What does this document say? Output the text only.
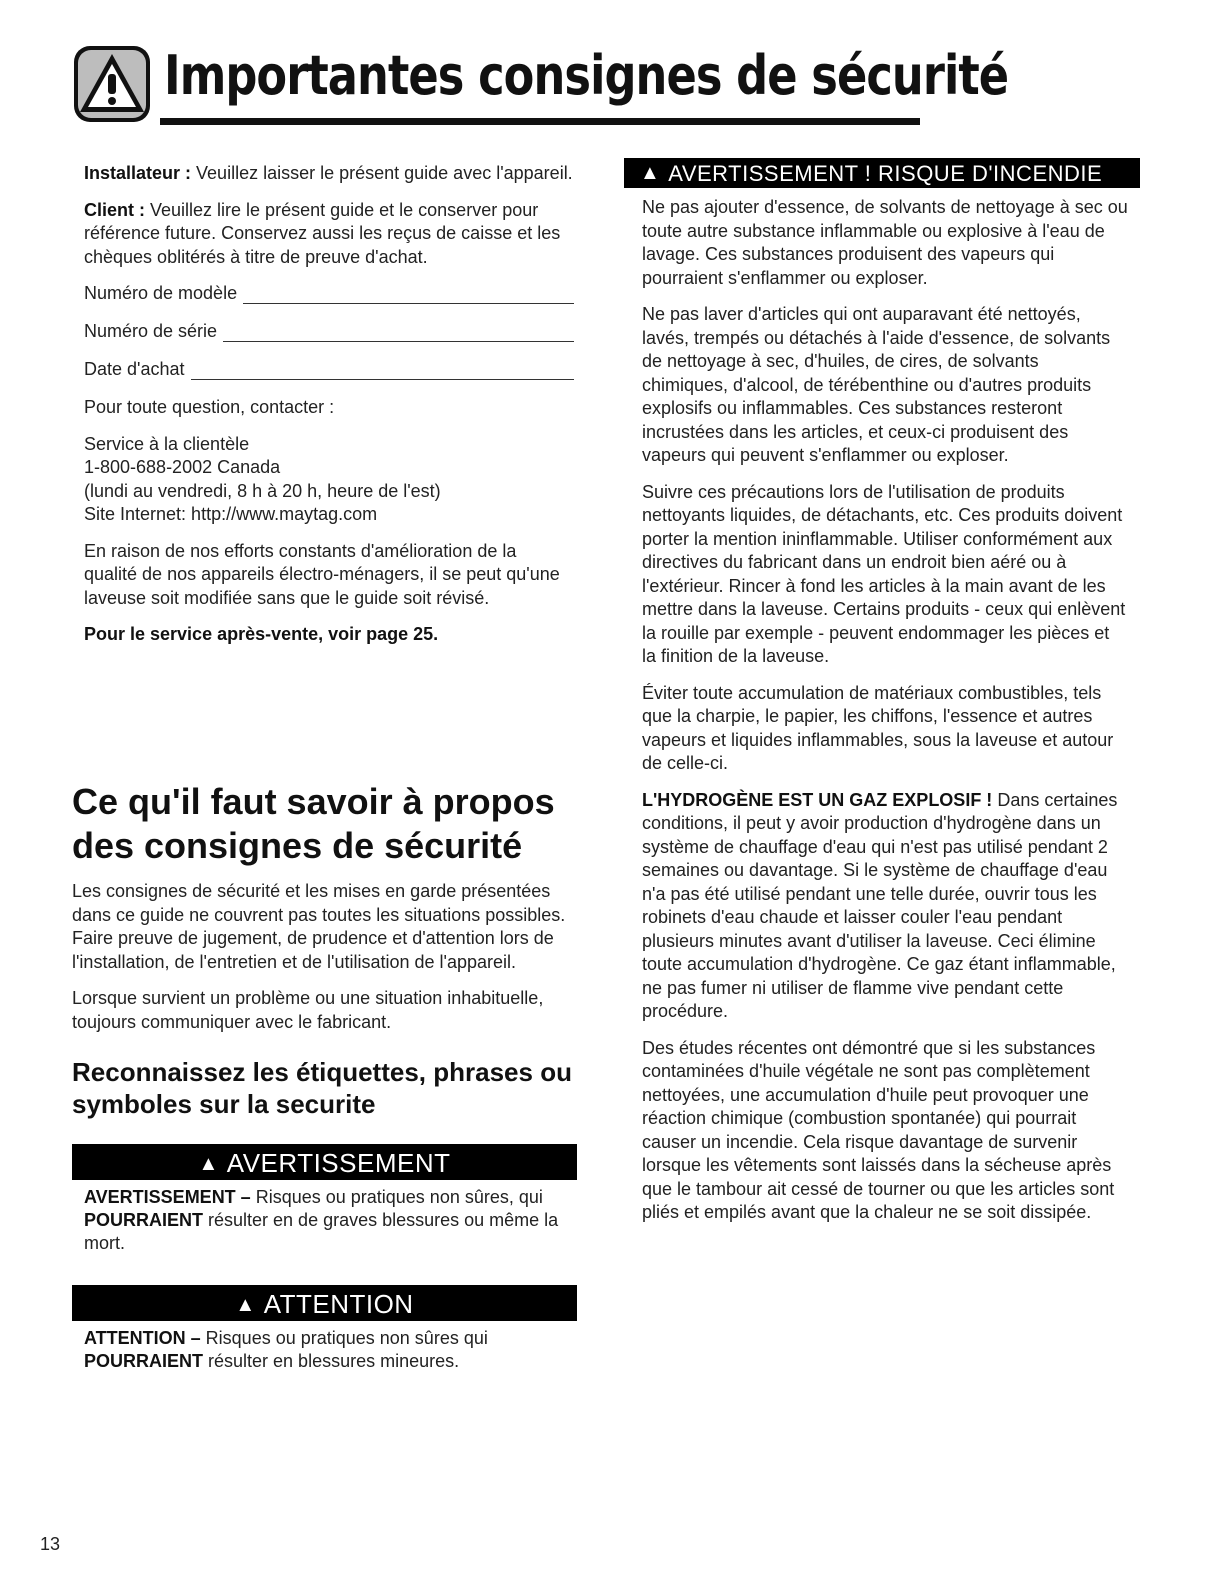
Importantes consignes de sécurité

Installateur : Veuillez laisser le présent guide avec l'appareil.

Client : Veuillez lire le présent guide et le conserver pour référence future. Conservez aussi les reçus de caisse et les chèques oblitérés à titre de preuve d'achat.

Numéro de modèle
Numéro de série
Date d'achat

Pour toute question, contacter :

Service à la clientèle
1-800-688-2002 Canada
(lundi au vendredi, 8 h à 20 h, heure de l'est)
Site Internet: http://www.maytag.com

En raison de nos efforts constants d'amélioration de la qualité de nos appareils électro-ménagers, il se peut qu'une laveuse soit modifiée sans que le guide soit révisé.

Pour le service après-vente, voir page 25.

Ce qu'il faut savoir à propos des consignes de sécurité

Les consignes de sécurité et les mises en garde présentées dans ce guide ne couvrent pas toutes les situations possibles. Faire preuve de jugement, de prudence et d'attention lors de l'installation, de l'entretien et de l'utilisation de l'appareil.

Lorsque survient un problème ou une situation inhabituelle, toujours communiquer avec le fabricant.

Reconnaissez les étiquettes, phrases ou symboles sur la securite
▲ AVERTISSEMENT

AVERTISSEMENT – Risques ou pratiques non sûres, qui POURRAIENT résulter en de graves blessures ou même la mort.

▲ ATTENTION

ATTENTION – Risques ou pratiques non sûres qui POURRAIENT résulter en blessures mineures.

▲ AVERTISSEMENT ! RISQUE D'INCENDIE

Ne pas ajouter d'essence, de solvants de nettoyage à sec ou toute autre substance inflammable ou explosive à l'eau de lavage. Ces substances produisent des vapeurs qui pourraient s'enflammer ou exploser.

Ne pas laver d'articles qui ont auparavant été nettoyés, lavés, trempés ou détachés à l'aide d'essence, de solvants de nettoyage à sec, d'huiles, de cires, de solvants chimiques, d'alcool, de térébenthine ou d'autres produits explosifs ou inflammables. Ces substances resteront incrustées dans les articles, et ceux-ci produisent des vapeurs qui peuvent s'enflammer ou exploser.

Suivre ces précautions lors de l'utilisation de produits nettoyants liquides, de détachants, etc. Ces produits doivent porter la mention ininflammable. Utiliser conformément aux directives du fabricant dans un endroit bien aéré ou à l'extérieur. Rincer à fond les articles à la main avant de les mettre dans la laveuse. Certains produits - ceux qui enlèvent la rouille par exemple - peuvent endommager les pièces et la finition de la laveuse.

Éviter toute accumulation de matériaux combustibles, tels que la charpie, le papier, les chiffons, l'essence et autres vapeurs et liquides inflammables, sous la laveuse et autour de celle-ci.

L'HYDROGÈNE EST UN GAZ EXPLOSIF ! Dans certaines conditions, il peut y avoir production d'hydrogène dans un système de chauffage d'eau qui n'est pas utilisé pendant 2 semaines ou davantage. Si le système de chauffage d'eau n'a pas été utilisé pendant une telle durée, ouvrir tous les robinets d'eau chaude et laisser couler l'eau pendant plusieurs minutes avant d'utiliser la laveuse. Ceci élimine toute accumulation d'hydrogène. Ce gaz étant inflammable, ne pas fumer ni utiliser de flamme vive pendant cette procédure.

Des études récentes ont démontré que si les substances contaminées d'huile végétale ne sont pas complètement nettoyées, une accumulation d'huile peut provoquer une réaction chimique (combustion spontanée) qui pourrait causer un incendie. Cela risque davantage de survenir lorsque les vêtements sont laissés dans la sécheuse après que le tambour ait cessé de tourner ou que les articles sont pliés et empilés avant que la chaleur ne se soit dissipée.

13
